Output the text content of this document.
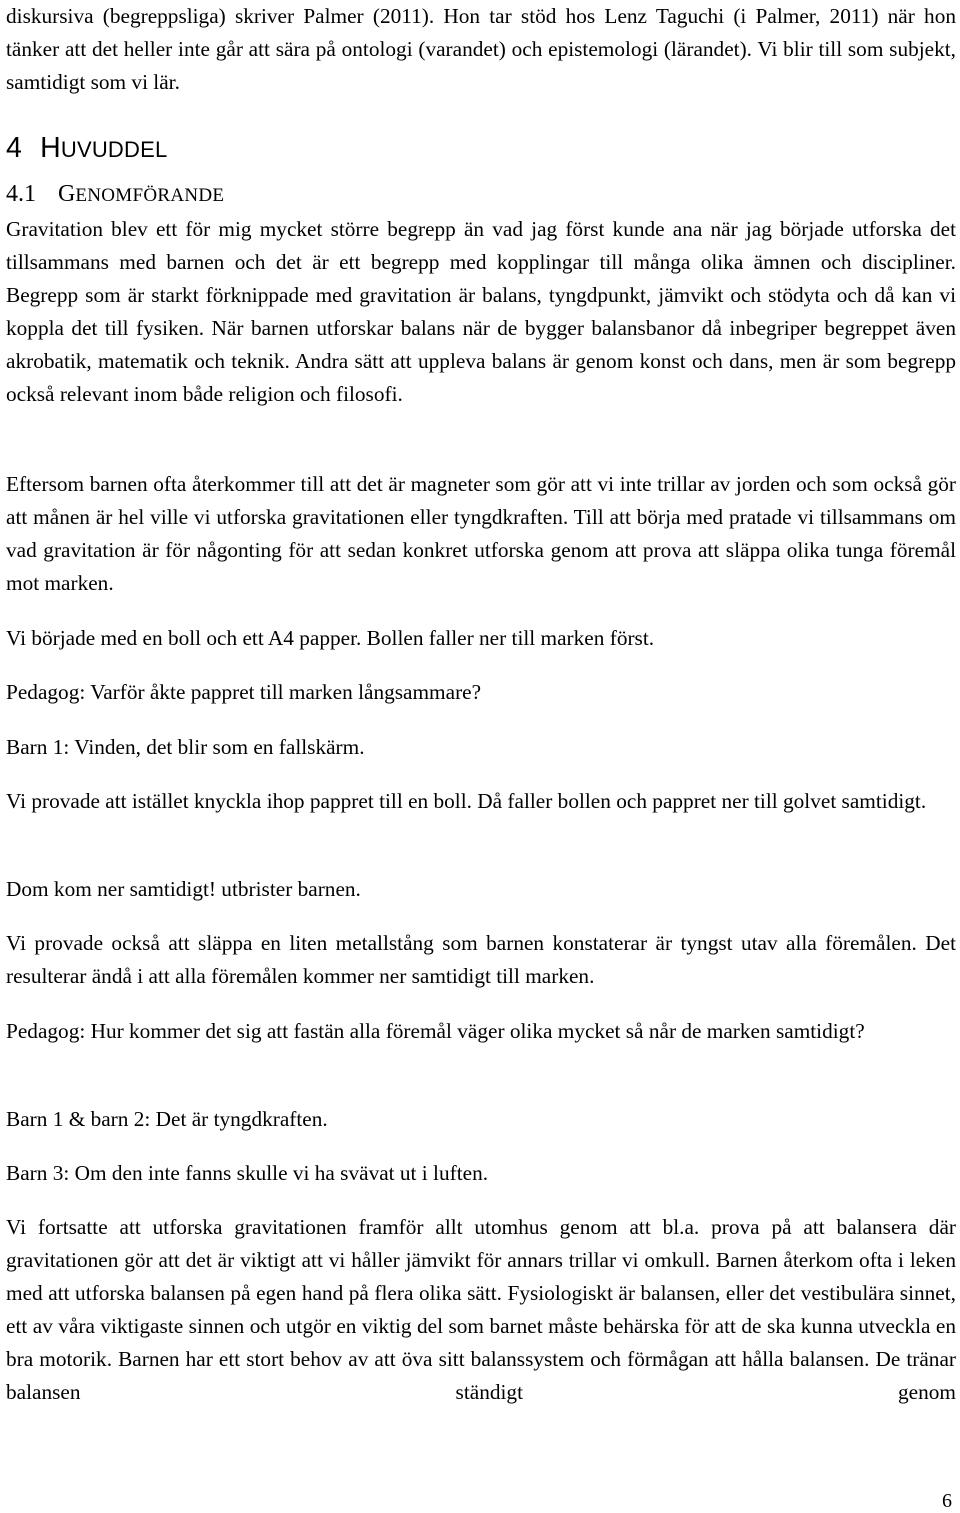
diskursiva (begreppsliga) skriver Palmer (2011). Hon tar stöd hos Lenz Taguchi (i Palmer, 2011) när hon tänker att det heller inte går att sära på ontologi (varandet) och epistemologi (lärandet). Vi blir till som subjekt, samtidigt som vi lär.

4 HUVUDDEL
4.1 GENOMFÖRANDE

Gravitation blev ett för mig mycket större begrepp än vad jag först kunde ana när jag började utforska det tillsammans med barnen och det är ett begrepp med kopplingar till många olika ämnen och discipliner. Begrepp som är starkt förknippade med gravitation är balans, tyngdpunkt, jämvikt och stödyta och då kan vi koppla det till fysiken. När barnen utforskar balans när de bygger balansbanor då inbegriper begreppet även akrobatik, matematik och teknik. Andra sätt att uppleva balans är genom konst och dans, men är som begrepp också relevant inom både religion och filosofi.

Eftersom barnen ofta återkommer till att det är magneter som gör att vi inte trillar av jorden och som också gör att månen är hel ville vi utforska gravitationen eller tyngdkraften. Till att börja med pratade vi tillsammans om vad gravitation är för någonting för att sedan konkret utforska genom att prova att släppa olika tunga föremål mot marken.

Vi började med en boll och ett A4 papper. Bollen faller ner till marken först.

Pedagog: Varför åkte pappret till marken långsammare?

Barn 1: Vinden, det blir som en fallskärm.

Vi provade att istället knyckla ihop pappret till en boll. Då faller bollen och pappret ner till golvet samtidigt.

Dom kom ner samtidigt! utbrister barnen.

Vi provade också att släppa en liten metallstång som barnen konstaterar är tyngst utav alla föremålen. Det resulterar ändå i att alla föremålen kommer ner samtidigt till marken.

Pedagog: Hur kommer det sig att fastän alla föremål väger olika mycket så når de marken samtidigt?

Barn 1 & barn 2: Det är tyngdkraften.

Barn 3: Om den inte fanns skulle vi ha svävat ut i luften.

Vi fortsatte att utforska gravitationen framför allt utomhus genom att bl.a. prova på att balansera där gravitationen gör att det är viktigt att vi håller jämvikt för annars trillar vi omkull. Barnen återkom ofta i leken med att utforska balansen på egen hand på flera olika sätt. Fysiologiskt är balansen, eller det vestibulära sinnet, ett av våra viktigaste sinnen och utgör en viktig del som barnet måste behärska för att de ska kunna utveckla en bra motorik. Barnen har ett stort behov av att öva sitt balanssystem och förmågan att hålla balansen. De tränar balansen ständigt genom

6
